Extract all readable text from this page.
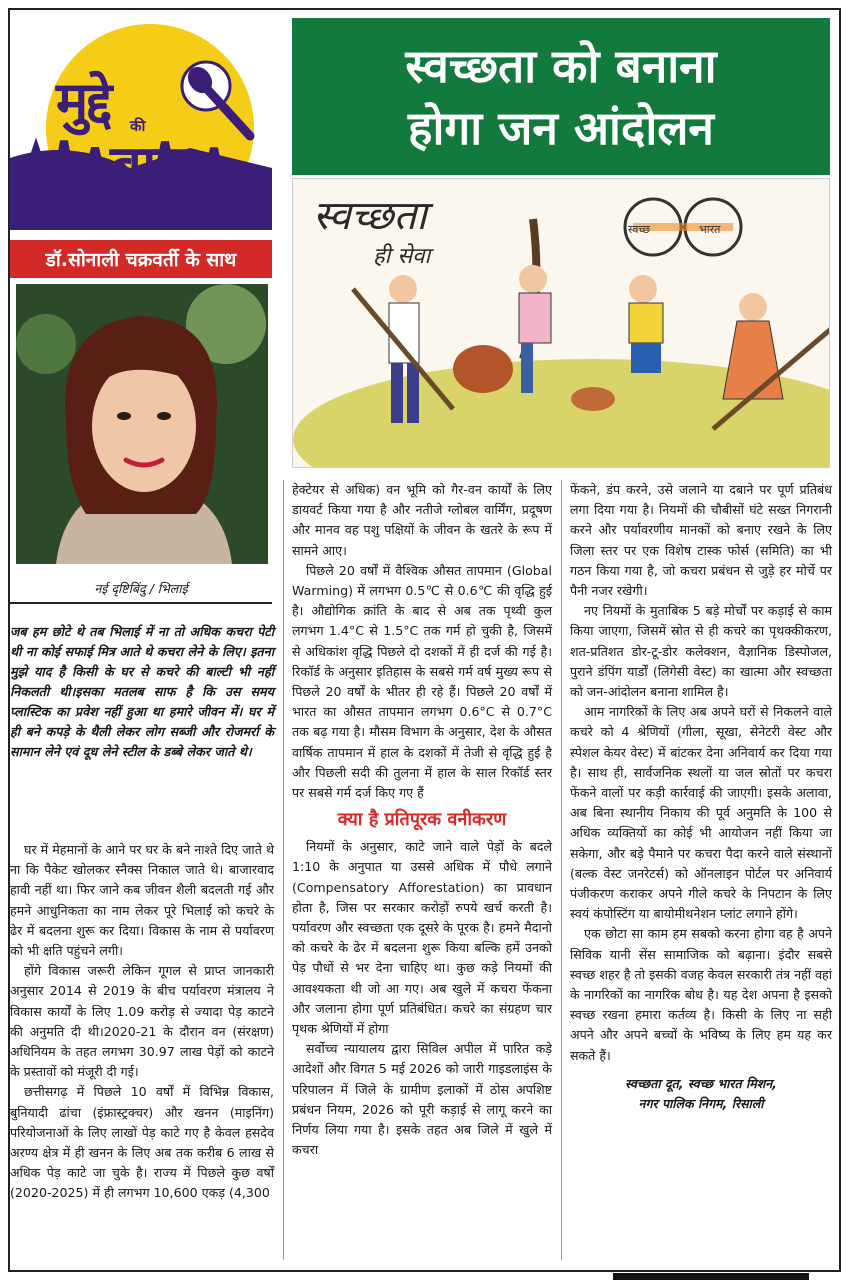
मुद्दे की
बात
डॉ.सोनाली चक्रवर्ती के साथ
नई दृष्टिबिंदु / भिलाई

जब हम छोटे थे तब भिलाई में ना तो अधिक कचरा पेटी थी ना कोई सफाई मित्र आते थे कचरा लेने के लिए। इतना मुझे याद है किसी के घर से कचरे की बाल्टी भी नहीं निकलती थी।इसका मतलब साफ है कि उस समय प्लास्टिक का प्रवेश नहीं हुआ था हमारे जीवन में। घर में ही बने कपड़े के थैली लेकर लोग सब्जी और रोजमर्रा के सामान लेने एवं दूध लेने स्टील के डब्बे लेकर जाते थे।

घर में मेहमानों के आने पर घर के बने नाश्ते दिए जाते थे ना कि पैकेट खोलकर स्नैक्स निकाल जाते थे। बाजारवाद हावी नहीं था। फिर जाने कब जीवन शैली बदलती गई और हमने आधुनिकता का नाम लेकर पूरे भिलाई को कचरे के ढेर में बदलना शुरू कर दिया। विकास के नाम से पर्यावरण को भी क्षति पहुंचने लगी।

होंगे विकास जरूरी लेकिन गूगल से प्राप्त जानकारी अनुसार 2014 से 2019 के बीच पर्यावरण मंत्रालय ने विकास कार्यों के लिए 1.09 करोड़ से ज्यादा पेड़ काटने की अनुमति दी थी।2020-21 के दौरान वन (संरक्षण) अधिनियम के तहत लगभग 30.97 लाख पेड़ों को काटने के प्रस्तावों को मंजूरी दी गई।

छत्तीसगढ़ में पिछले 10 वर्षों में विभिन्न विकास, बुनियादी ढांचा (इंफ्रास्ट्रक्चर) और खनन (माइनिंग) परियोजनाओं के लिए लाखों पेड़ काटे गए है केवल हसदेव अरण्य क्षेत्र में ही खनन के लिए अब तक करीब 6 लाख से अधिक पेड़ काटे जा चुके है। राज्य में पिछले कुछ वर्षों (2020-2025) में ही लगभग 10,600 एकड़ (4,300

स्वच्छता को बनाना
होगा जन आंदोलन
स्वच्छता
ही सेवा
स्वच्छ	भारत

हेक्टेयर से अधिक) वन भूमि को गैर-वन कार्यों के लिए डायवर्ट किया गया है और नतीजे ग्लोबल वार्मिंग, प्रदूषण और मानव वह पशु पक्षियों के जीवन के खतरे के रूप में सामने आए।

पिछले 20 वर्षों में वैश्विक औसत तापमान (Global Warming) में लगभग 0.5℃ से 0.6℃ की वृद्धि हुई है। औद्योगिक क्रांति के बाद से अब तक पृथ्वी कुल लगभग 1.4°C से 1.5°C तक गर्म हो चुकी है, जिसमें से अधिकांश वृद्धि पिछले दो दशकों में ही दर्ज की गई है। रिकॉर्ड के अनुसार इतिहास के सबसे गर्म वर्ष मुख्य रूप से पिछले 20 वर्षों के भीतर ही रहे हैं। पिछले 20 वर्षों में भारत का औसत तापमान लगभग 0.6°C से 0.7°C तक बढ़ गया है। मौसम विभाग के अनुसार, देश के औसत वार्षिक तापमान में हाल के दशकों में तेजी से वृद्धि हुई है और पिछली सदी की तुलना में हाल के साल रिकॉर्ड स्तर पर सबसे गर्म दर्ज किए गए हैं

क्या है प्रतिपूरक वनीकरण

नियमों के अनुसार, काटे जाने वाले पेड़ों के बदले 1:10 के अनुपात या उससे अधिक में पौधे लगाने (Compensatory Afforestation) का प्रावधान होता है, जिस पर सरकार करोड़ों रुपये खर्च करती है। पर्यावरण और स्वच्छता एक दूसरे के पूरक है। हमने मैदानो को कचरे के ढेर में बदलना शुरू किया बल्कि हमें उनको पेड़ पौधों से भर देना चाहिए था। कुछ कड़े नियमों की आवश्यकता थी जो आ गए। अब खुले में कचरा फेंकना और जलाना होगा पूर्ण प्रतिबंधित। कचरे का संग्रहण चार पृथक श्रेणियों में होगा

सर्वोच्च न्यायालय द्वारा सिविल अपील में पारित कड़े आदेशों और विगत 5 मई 2026 को जारी गाइडलाइंस के परिपालन में जिले के ग्रामीण इलाकों में ठोस अपशिष्ट प्रबंधन नियम, 2026 को पूरी कड़ाई से लागू करने का निर्णय लिया गया है। इसके तहत अब जिले में खुले में कचरा

फेंकने, डंप करने, उसे जलाने या दबाने पर पूर्ण प्रतिबंध लगा दिया गया है। नियमों की चौबीसों घंटे सख्त निगरानी करने और पर्यावरणीय मानकों को बनाए रखने के लिए जिला स्तर पर एक विशेष टास्क फोर्स (समिति) का भी गठन किया गया है, जो कचरा प्रबंधन से जुड़े हर मोर्चे पर पैनी नजर रखेगी।

नए नियमों के मुताबिक 5 बड़े मोर्चों पर कड़ाई से काम किया जाएगा, जिसमें स्रोत से ही कचरे का पृथक्कीकरण, शत-प्रतिशत डोर-टू-डोर कलेक्शन, वैज्ञानिक डिस्पोजल, पुराने डंपिंग यार्डों (लिगेसी वेस्ट) का खात्मा और स्वच्छता को जन-आंदोलन बनाना शामिल है।

आम नागरिकों के लिए अब अपने घरों से निकलने वाले कचरे को 4 श्रेणियों (गीला, सूखा, सेनेटरी वेस्ट और स्पेशल केयर वेस्ट) में बांटकर देना अनिवार्य कर दिया गया है। साथ ही, सार्वजनिक स्थलों या जल स्रोतों पर कचरा फेंकने वालों पर कड़ी कार्रवाई की जाएगी। इसके अलावा, अब बिना स्थानीय निकाय की पूर्व अनुमति के 100 से अधिक व्यक्तियों का कोई भी आयोजन नहीं किया जा सकेगा, और बड़े पैमाने पर कचरा पैदा करने वाले संस्थानों (बल्क वेस्ट जनरेटर्स) को ऑनलाइन पोर्टल पर अनिवार्य पंजीकरण कराकर अपने गीले कचरे के निपटान के लिए स्वयं कंपोस्टिंग या बायोमीथनेशन प्लांट लगाने होंगे।

एक छोटा सा काम हम सबको करना होगा वह है अपने सिविक यानी सेंस सामाजिक को बढ़ाना। इंदौर सबसे स्वच्छ शहर है तो इसकी वजह केवल सरकारी तंत्र नहीं वहां के नागरिकों का नागरिक बोध है। यह देश अपना है इसको स्वच्छ रखना हमारा कर्तव्य है। किसी के लिए ना सही अपने और अपने बच्चों के भविष्य के लिए हम यह कर सकते हैं।

स्वच्छता दूत, स्वच्छ भारत मिशन,
नगर पालिक निगम, रिसाली
